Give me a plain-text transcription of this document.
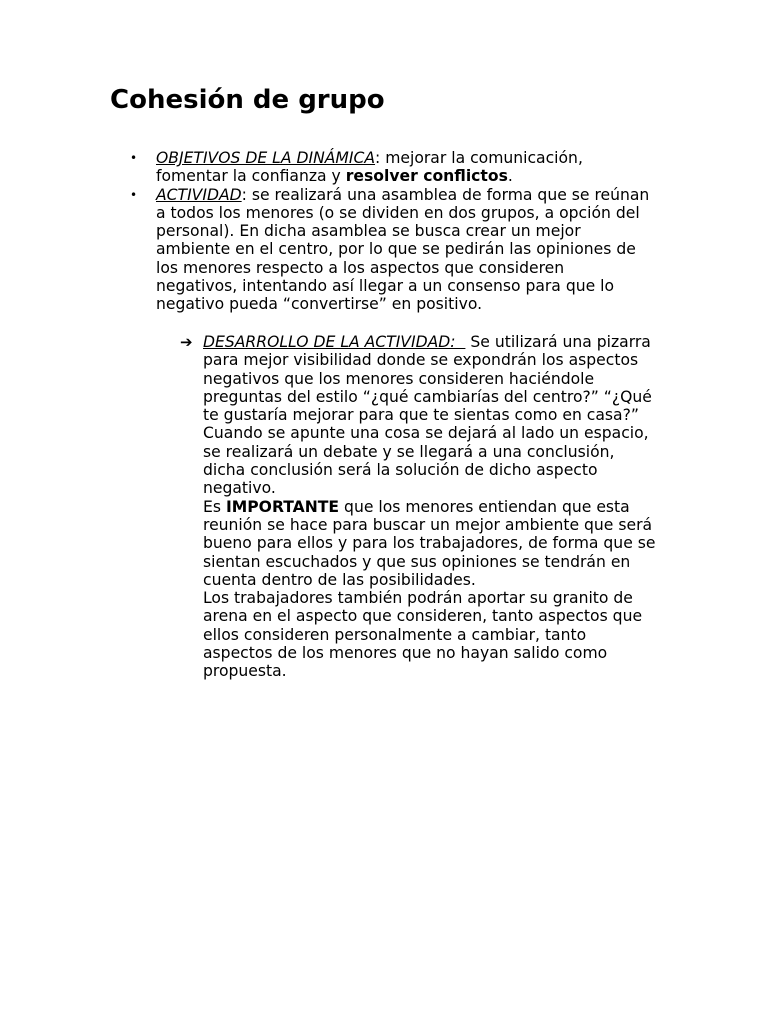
Cohesión de grupo
• OBJETIVOS DE LA DINÁMICA: mejorar la comunicación, fomentar la confianza y resolver conflictos.
• ACTIVIDAD: se realizará una asamblea de forma que se reúnan a todos los menores (o se dividen en dos grupos, a opción del personal). En dicha asamblea se busca crear un mejor ambiente en el centro, por lo que se pedirán las opiniones de los menores respecto a los aspectos que consideren negativos, intentando así llegar a un consenso para que lo negativo pueda “convertirse” en positivo.
➔ DESARROLLO DE LA ACTIVIDAD:   Se utilizará una pizarra para mejor visibilidad donde se expondrán los aspectos negativos que los menores consideren haciéndole preguntas del estilo “¿qué cambiarías del centro?” “¿Qué te gustaría mejorar para que te sientas como en casa?”

Cuando se apunte una cosa se dejará al lado un espacio, se realizará un debate y se llegará a una conclusión, dicha conclusión será la solución de dicho aspecto negativo.

Es IMPORTANTE que los menores entiendan que esta reunión se hace para buscar un mejor ambiente que será bueno para ellos y para los trabajadores, de forma que se sientan escuchados y que sus opiniones se tendrán en cuenta dentro de las posibilidades.

Los trabajadores también podrán aportar su granito de arena en el aspecto que consideren, tanto aspectos que ellos consideren personalmente a cambiar, tanto aspectos de los menores que no hayan salido como propuesta.
